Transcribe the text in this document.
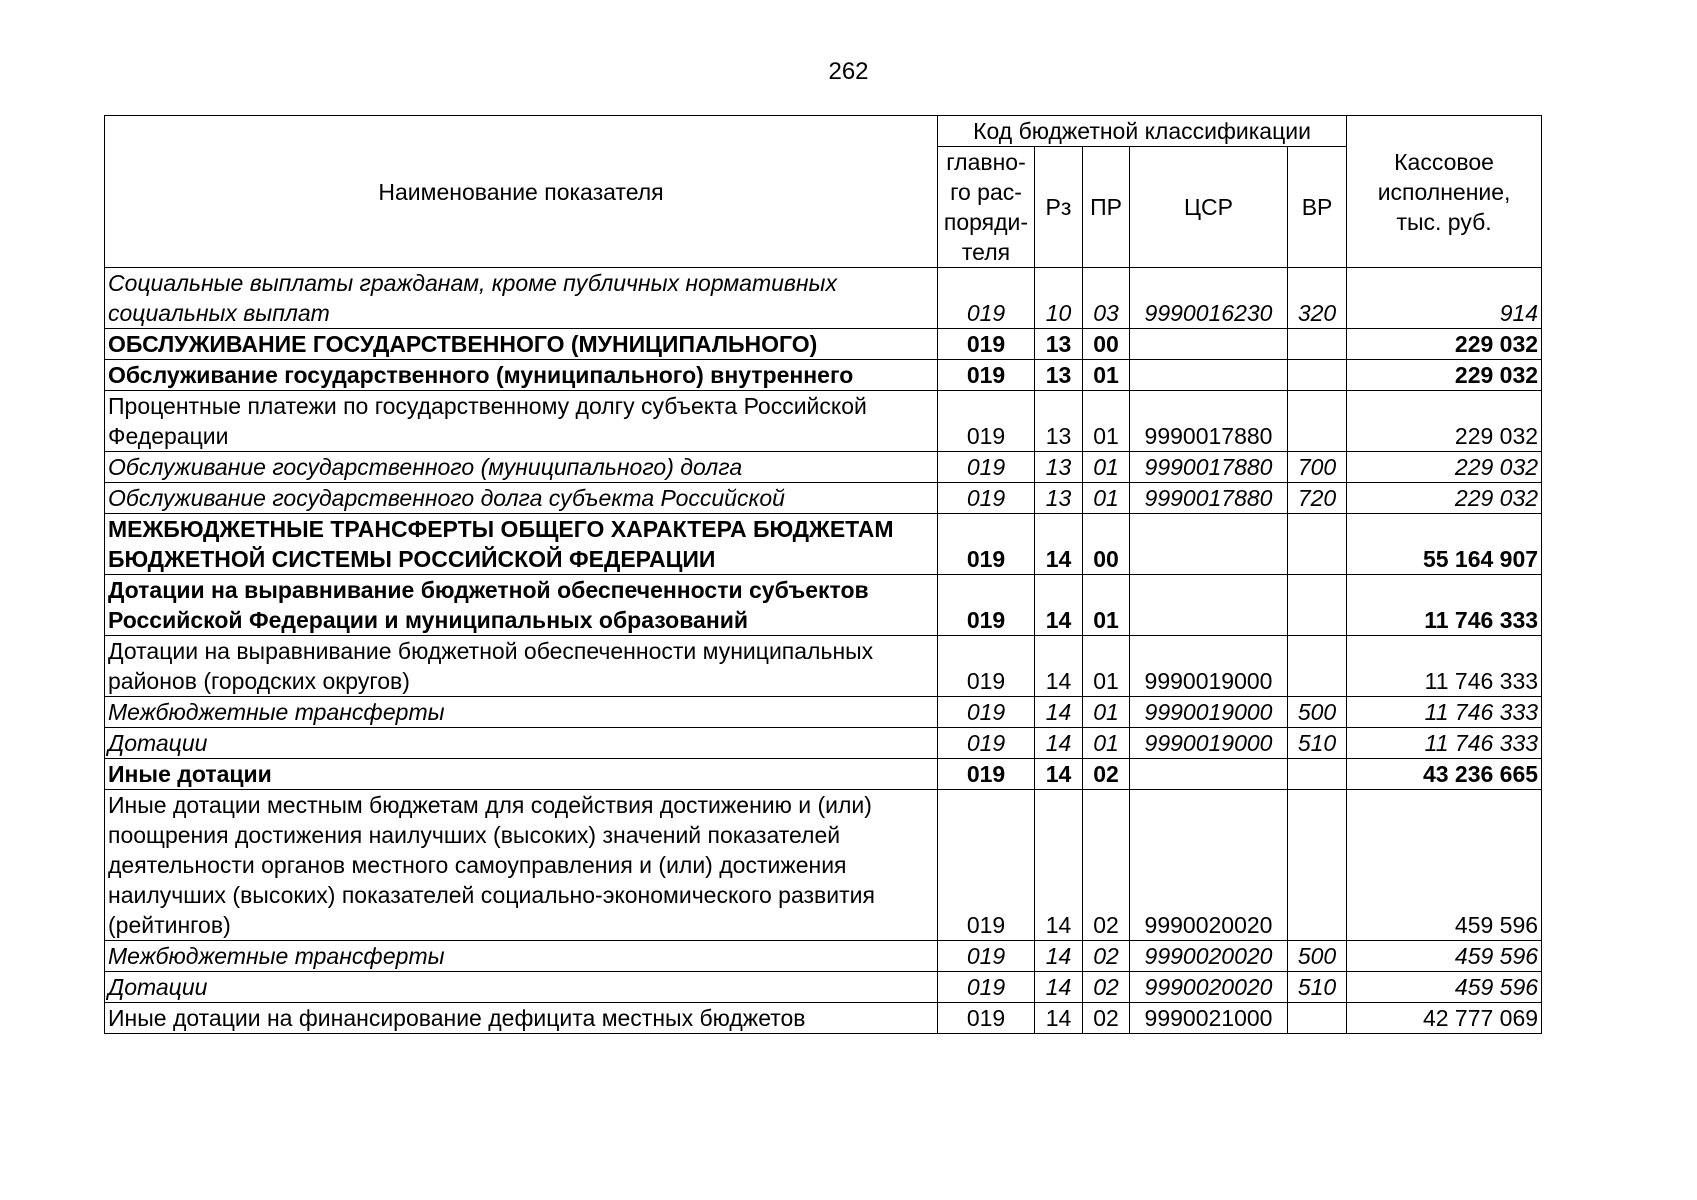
262
Наименование показателя	Код бюджетной классификации					Кассовое
исполнение,
тыс. руб.

	главно-
го рас-
поряди-
теля	Рз	ПР	ЦСР	ВР	
Социальные выплаты гражданам, кроме публичных нормативных социальных выплат	019	10	03	9990016230	320	914
ОБСЛУЖИВАНИЕ ГОСУДАРСТВЕННОГО (МУНИЦИПАЛЬНОГО)	019	13	00			229 032
Обслуживание государственного (муниципального) внутреннего	019	13	01			229 032
Процентные платежи по государственному долгу субъекта Российской Федерации	019	13	01	9990017880		229 032
Обслуживание государственного (муниципального) долга	019	13	01	9990017880	700	229 032
Обслуживание государственного долга субъекта Российской	019	13	01	9990017880	720	229 032
МЕЖБЮДЖЕТНЫЕ ТРАНСФЕРТЫ ОБЩЕГО ХАРАКТЕРА БЮДЖЕТАМ БЮДЖЕТНОЙ СИСТЕМЫ РОССИЙСКОЙ ФЕДЕРАЦИИ	019	14	00			55 164 907
Дотации на выравнивание бюджетной обеспеченности субъектов Российской Федерации и муниципальных образований	019	14	01			11 746 333
Дотации на выравнивание бюджетной обеспеченности муниципальных районов (городских округов)	019	14	01	9990019000		11 746 333
Межбюджетные трансферты	019	14	01	9990019000	500	11 746 333
Дотации	019	14	01	9990019000	510	11 746 333
Иные дотации	019	14	02			43 236 665
Иные дотации местным бюджетам для содействия достижению и (или) поощрения достижения наилучших (высоких) значений показателей деятельности органов местного самоуправления и (или) достижения наилучших (высоких) показателей социально-экономического развития (рейтингов)	019	14	02	9990020020		459 596
Межбюджетные трансферты	019	14	02	9990020020	500	459 596
Дотации	019	14	02	9990020020	510	459 596
Иные дотации на финансирование дефицита местных бюджетов	019	14	02	9990021000		42 777 069
